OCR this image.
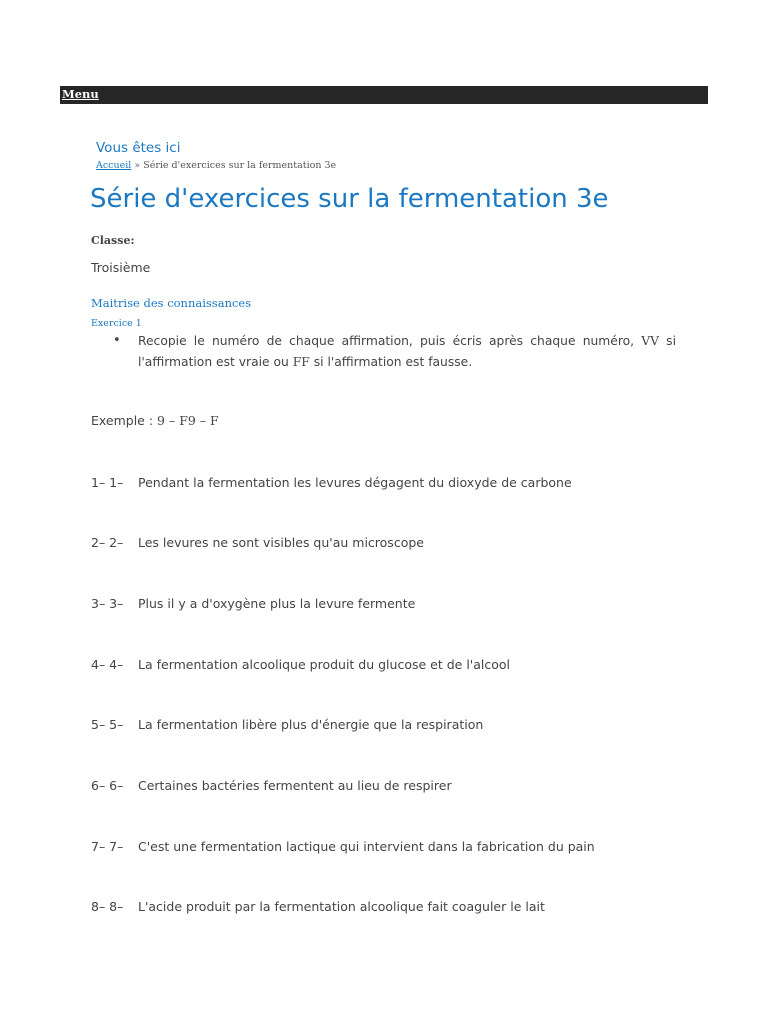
Menu
Vous êtes ici
Accueil » Série d'exercices sur la fermentation 3e
Série d'exercices sur la fermentation 3e
Classe:
Troisième
Maitrise des connaissances
Exercice 1
• Recopie le numéro de chaque affirmation, puis écris après chaque numéro, VV si l'affirmation est vraie ou FF si l'affirmation est fausse.
Exemple : 9 – F9 – F
1– 1– Pendant la fermentation les levures dégagent du dioxyde de carbone
2– 2– Les levures ne sont visibles qu'au microscope
3– 3– Plus il y a d'oxygène plus la levure fermente
4– 4– La fermentation alcoolique produit du glucose et de l'alcool
5– 5– La fermentation libère plus d'énergie que la respiration
6– 6– Certaines bactéries fermentent au lieu de respirer
7– 7– C'est une fermentation lactique qui intervient dans la fabrication du pain
8– 8– L'acide produit par la fermentation alcoolique fait coaguler le lait
